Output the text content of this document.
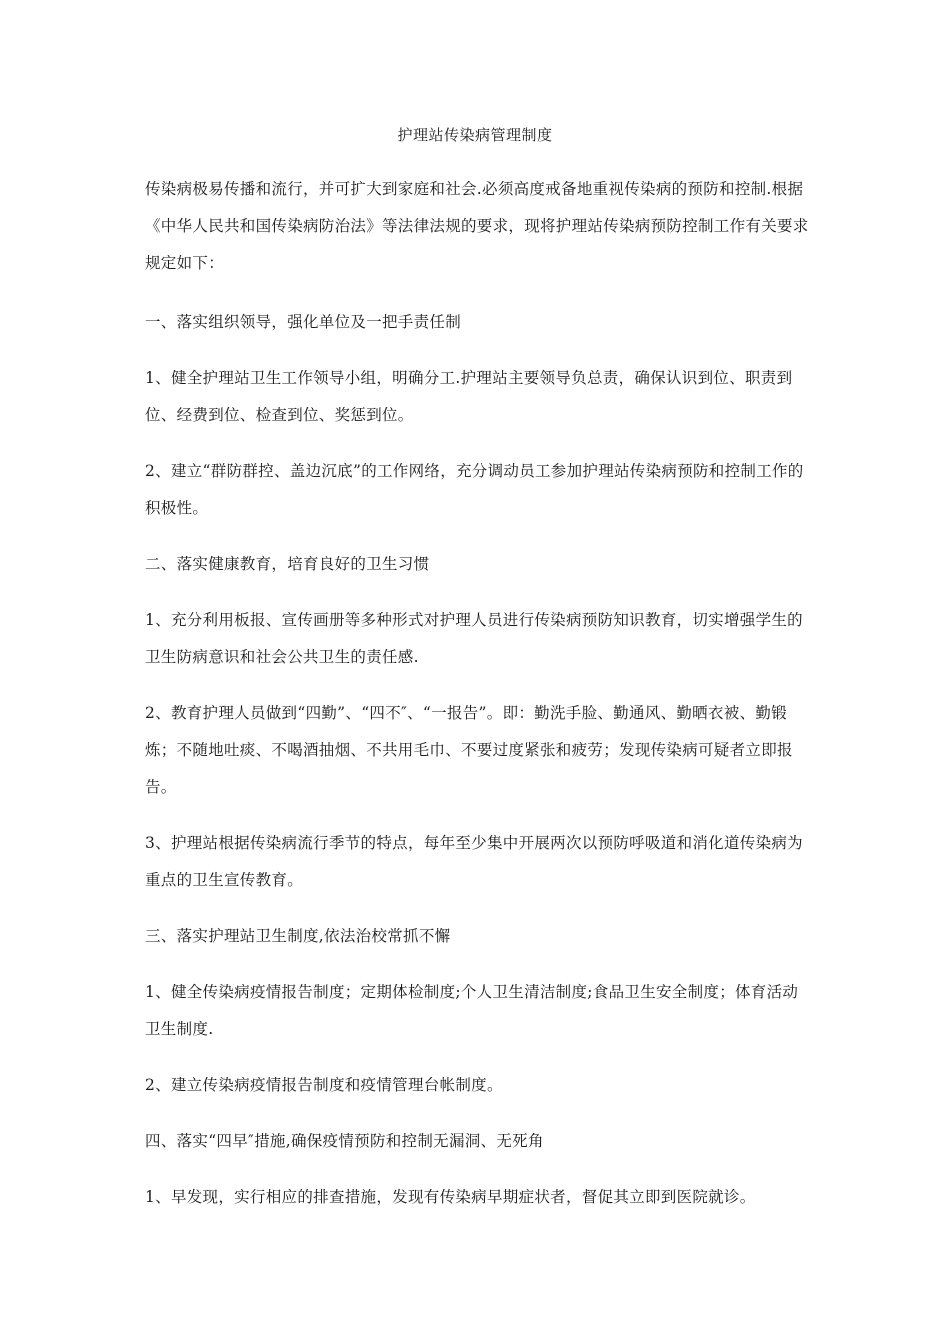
护理站传染病管理制度

传染病极易传播和流行，并可扩大到家庭和社会.必须高度戒备地重视传染病的预防和控制.根据《中华人民共和国传染病防治法》等法律法规的要求，现将护理站传染病预防控制工作有关要求规定如下：

一、落实组织领导，强化单位及一把手责任制

1、健全护理站卫生工作领导小组，明确分工.护理站主要领导负总责，确保认识到位、职责到位、经费到位、检查到位、奖惩到位。

2、建立“群防群控、盖边沉底”的工作网络，充分调动员工参加护理站传染病预防和控制工作的积极性。

二、落实健康教育，培育良好的卫生习惯

1、充分利用板报、宣传画册等多种形式对护理人员进行传染病预防知识教育，切实增强学生的卫生防病意识和社会公共卫生的责任感.

2、教育护理人员做到“四勤”、“四不″、“一报告”。即：勤洗手脸、勤通风、勤晒衣被、勤锻炼；不随地吐痰、不喝酒抽烟、不共用毛巾、不要过度紧张和疲劳；发现传染病可疑者立即报告。

3、护理站根据传染病流行季节的特点，每年至少集中开展两次以预防呼吸道和消化道传染病为重点的卫生宣传教育。

三、落实护理站卫生制度,依法治校常抓不懈

1、健全传染病疫情报告制度；定期体检制度;个人卫生清洁制度;食品卫生安全制度；体育活动卫生制度.

2、建立传染病疫情报告制度和疫情管理台帐制度。

四、落实“四早″措施,确保疫情预防和控制无漏洞、无死角

1、早发现，实行相应的排查措施，发现有传染病早期症状者，督促其立即到医院就诊。
